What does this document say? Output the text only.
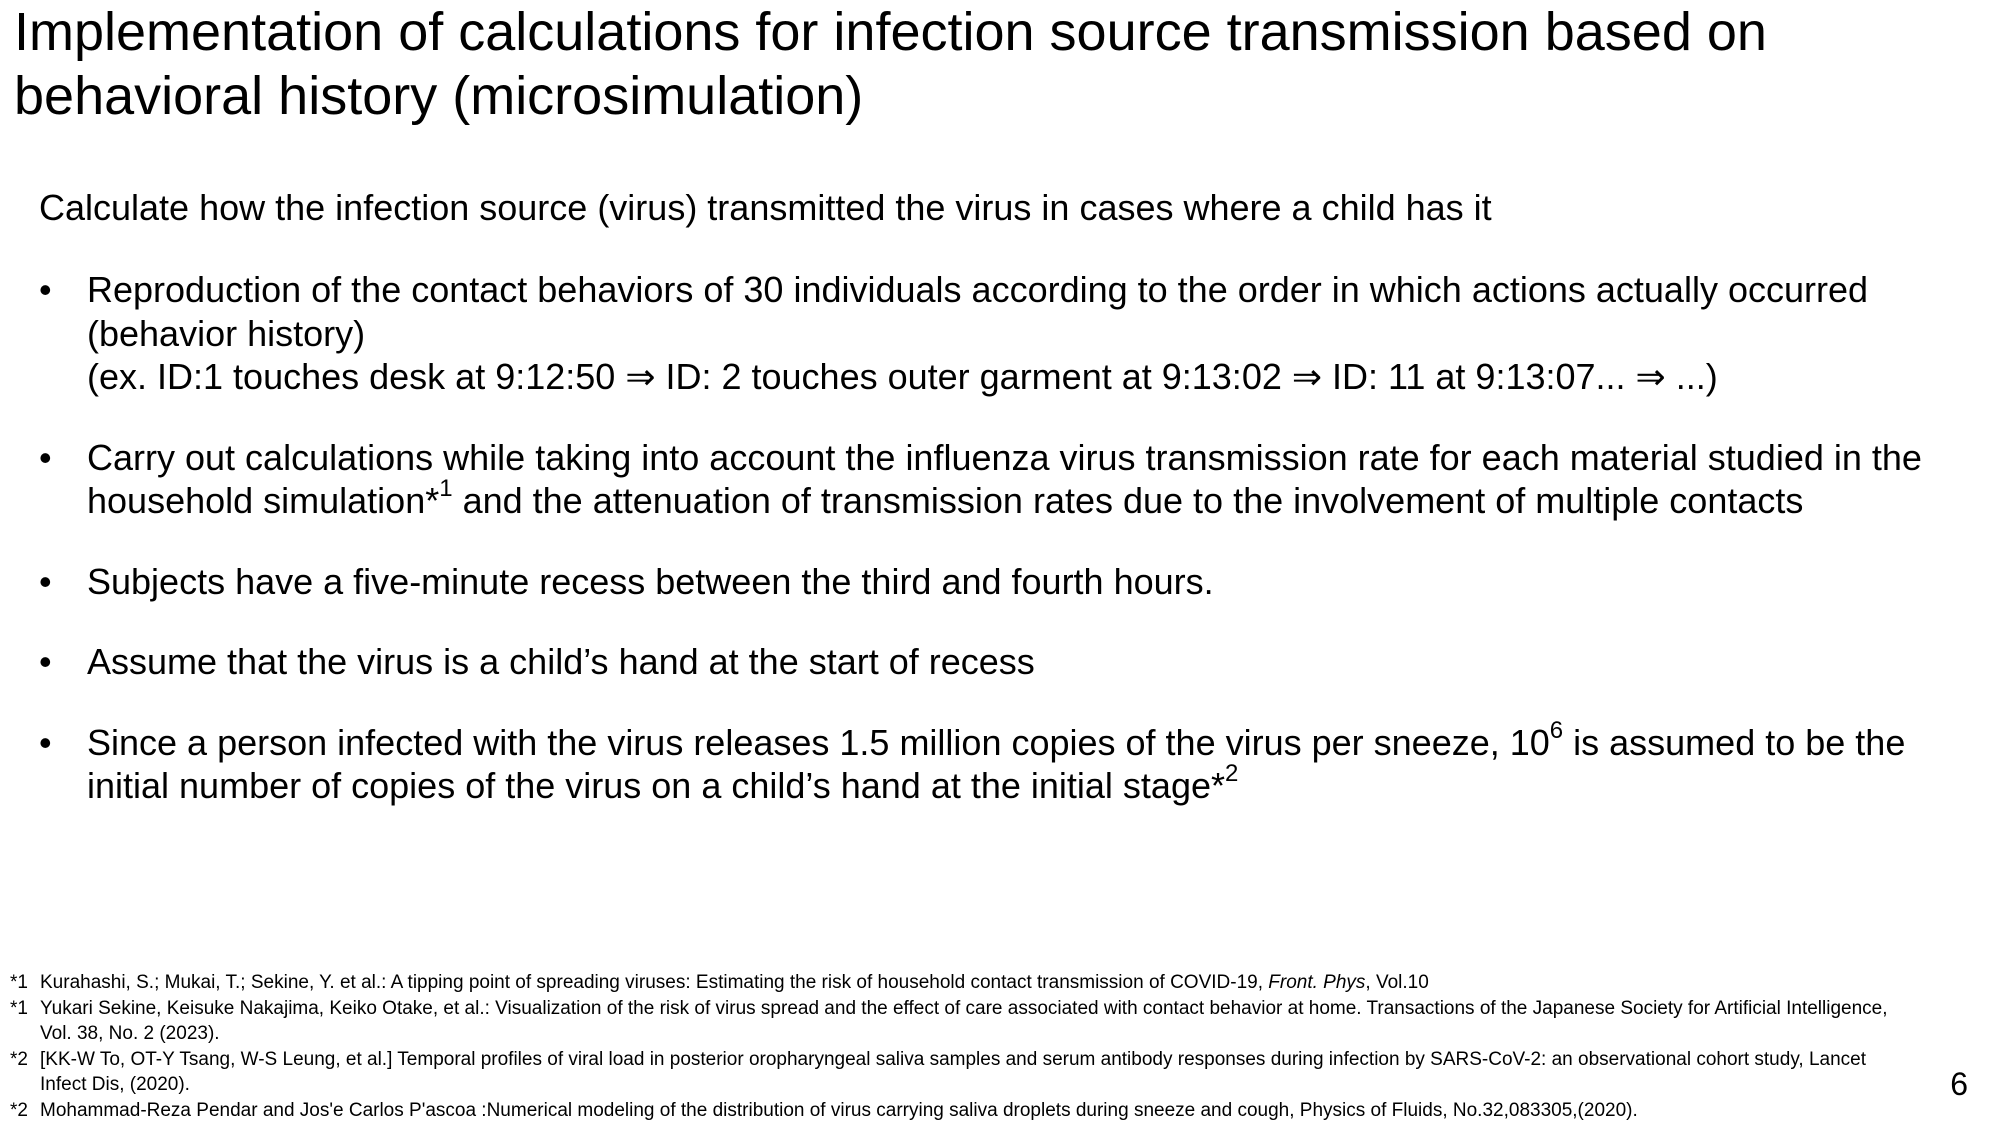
Implementation of calculations for infection source transmission based on behavioral history (microsimulation)

Calculate how the infection source (virus) transmitted the virus in cases where a child has it

• Reproduction of the contact behaviors of 30 individuals according to the order in which actions actually occurred (behavior history)
(ex. ID:1 touches desk at 9:12:50 ⇒ ID: 2 touches outer garment at 9:13:02 ⇒ ID: 11 at 9:13:07... ⇒ ...)
• Carry out calculations while taking into account the influenza virus transmission rate for each material studied in the household simulation*$^1$ and the attenuation of transmission rates due to the involvement of multiple contacts
• Subjects have a five-minute recess between the third and fourth hours.
• Assume that the virus is a child’s hand at the start of recess
• Since a person infected with the virus releases 1.5 million copies of the virus per sneeze, $10^6$ is assumed to be the initial number of copies of the virus on a child’s hand at the initial stage*$^2$
*1 Kurahashi, S.; Mukai, T.; Sekine, Y. et al.: A tipping point of spreading viruses: Estimating the risk of household contact transmission of COVID-19, Front. Phys, Vol.10
*1 Yukari Sekine, Keisuke Nakajima, Keiko Otake, et al.: Visualization of the risk of virus spread and the effect of care associated with contact behavior at home. Transactions of the Japanese Society for Artificial Intelligence, Vol. 38, No. 2 (2023).
*2 [KK-W To, OT-Y Tsang, W-S Leung, et al.] Temporal profiles of viral load in posterior oropharyngeal saliva samples and serum antibody responses during infection by SARS-CoV-2: an observational cohort study, Lancet Infect Dis, (2020).
*2 Mohammad-Reza Pendar and Jos'e Carlos P'ascoa :Numerical modeling of the distribution of virus carrying saliva droplets during sneeze and cough, Physics of Fluids, No.32,083305,(2020).
6
